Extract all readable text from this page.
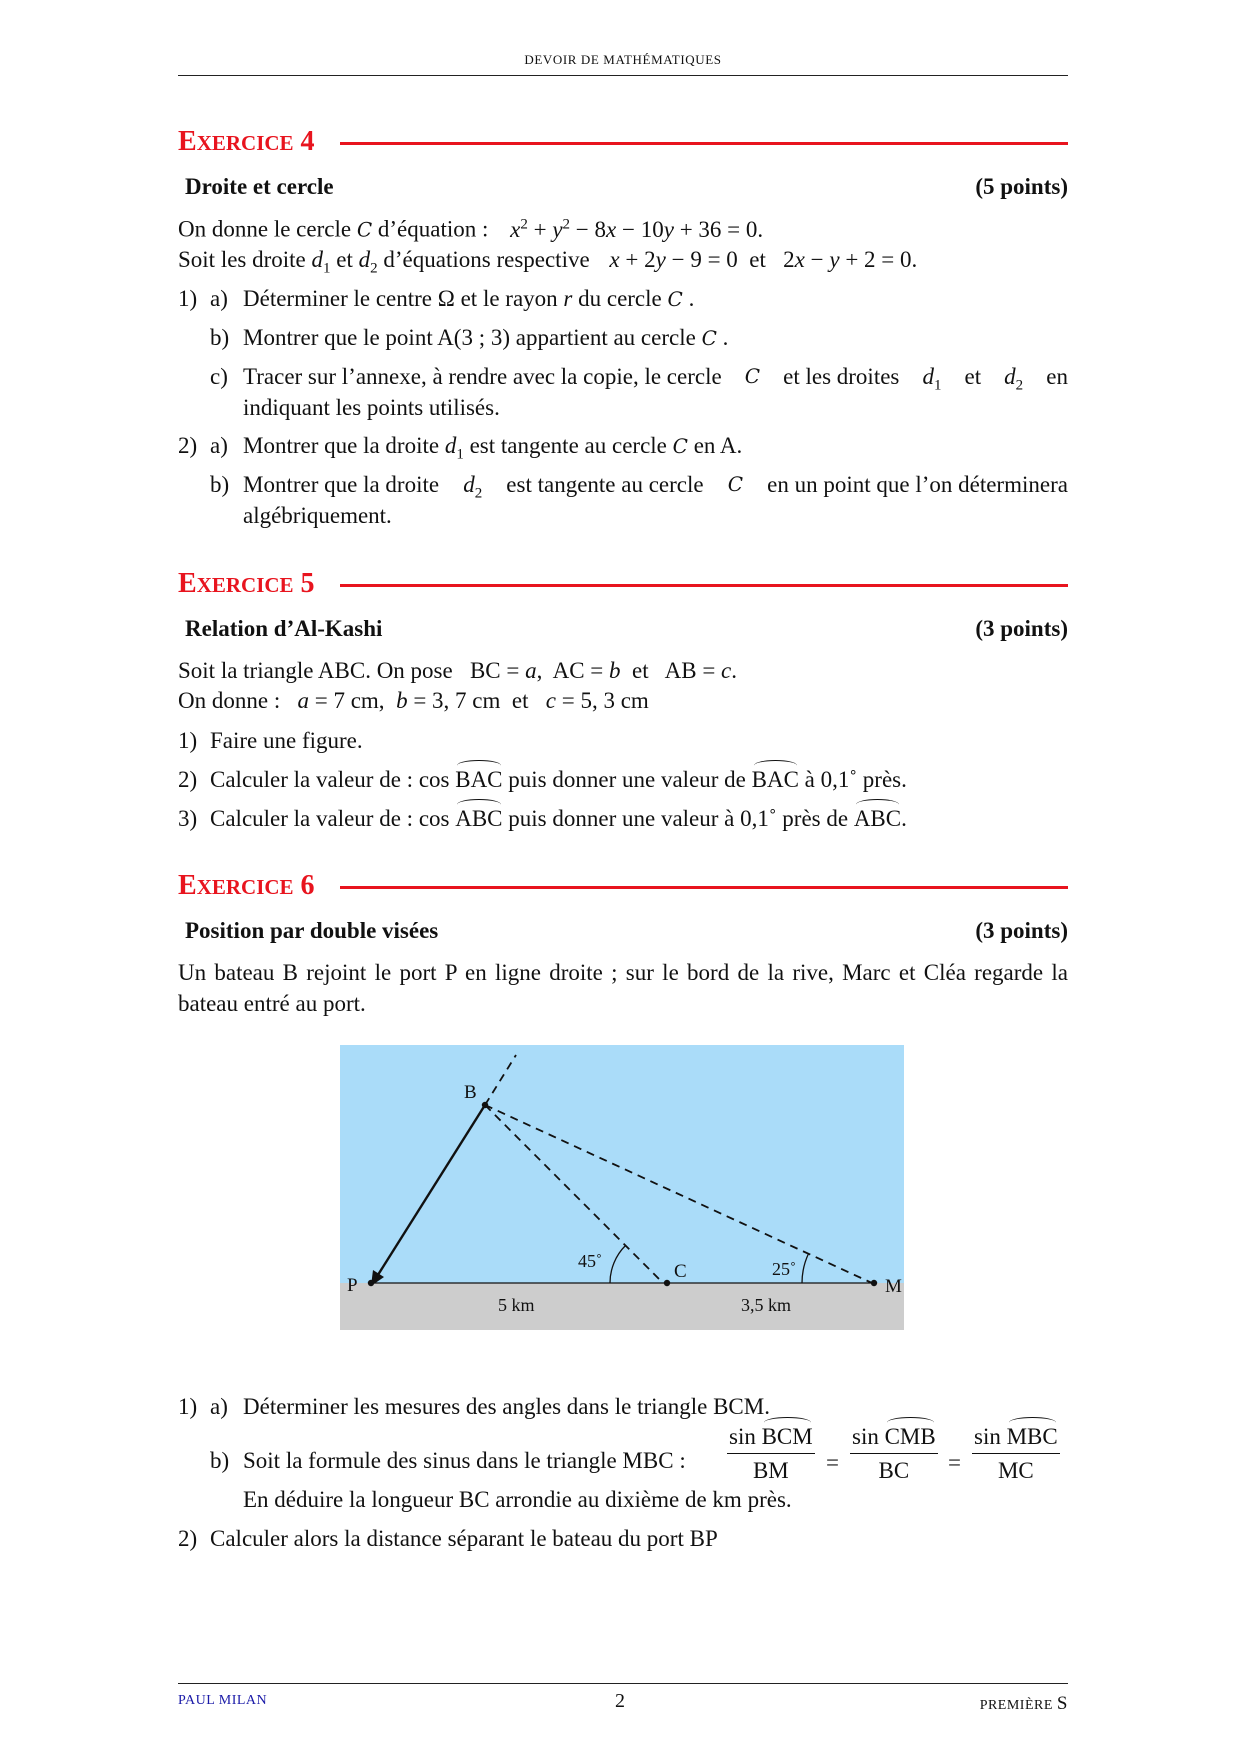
DEVOIR DE MATHÉMATIQUES
EXERCICE 4
Droite et cercle	(5 points)
On donne le cercle C d’équation : $x^2 + y^2 - 8x - 10y + 36 = 0$.
Soit les droite $d_1$ et $d_2$ d’équations respective x + 2y − 9 = 0  et   2x − y + 2 = 0.
1) a) Déterminer le centre Ω et le rayon r du cercle C .
b) Montrer que le point A(3 ; 3) appartient au cercle C .
c) Tracer sur l’annexe, à rendre avec la copie, le cercle C et les droites $d_1$ et $d_2$ en
indiquant les points utilisés.
2) a) Montrer que la droite $d_1$ est tangente au cercle C en A.
b) Montrer que la droite $d_2$ est tangente au cercle C en un point que l’on déterminera
algébriquement.
EXERCICE 5
Relation d’Al-Kashi	(3 points)
Soit la triangle ABC. On pose   BC = a,  AC = b et   AB = c.
On donne : a = 7 cm, b = 3, 7 cm et c = 5, 3 cm
1) Faire une figure.
2) Calculer la valeur de : cos BAC puis donner une valeur de BAC à 0,1˚ près.
3) Calculer la valeur de : cos ABC puis donner une valeur à 0,1˚ près de ABC.
EXERCICE 6
Position par double visées	(3 points)
Un bateau B rejoint le port P en ligne droite ; sur le bord de la rive, Marc et Cléa regarde la bateau entré au port.
B
P
C
M
45˚	25˚
5 km	3,5 km
1) a) Déterminer les mesures des angles dans le triangle BCM.
b) Soit la formule des sinus dans le triangle MBC :
sin BCM
BM	=
sin CMB
BC	=
sin MBC
MC
En déduire la longueur BC arrondie au dixième de km près.
2) Calculer alors la distance séparant le bateau du port BP
PAUL MILAN	2	PREMIÈRE S
